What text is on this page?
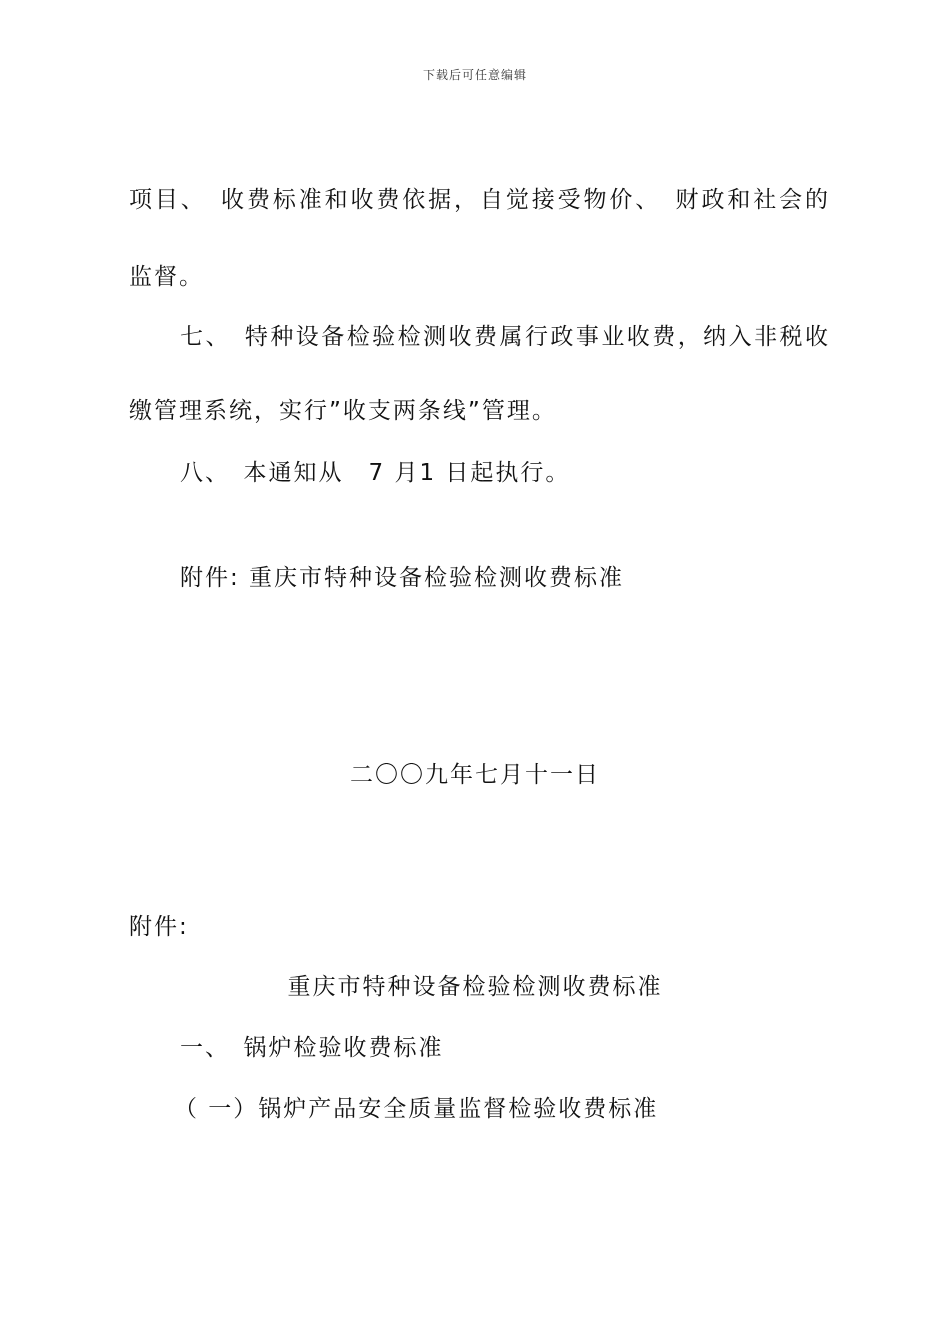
下载后可任意编辑
项目、　收费标准和收费依据，自觉接受物价、　财政和社会的
监督。
七、　特种设备检验检测收费属行政事业收费，纳入非税收
缴管理系统，实行”收支两条线”管理。
八、　本通知从　7 月1 日起执行。
附件: 重庆市特种设备检验检测收费标准
二〇〇九年七月十一日
附件:
重庆市特种设备检验检测收费标准
一、　锅炉检验收费标准
（ 一）锅炉产品安全质量监督检验收费标准
